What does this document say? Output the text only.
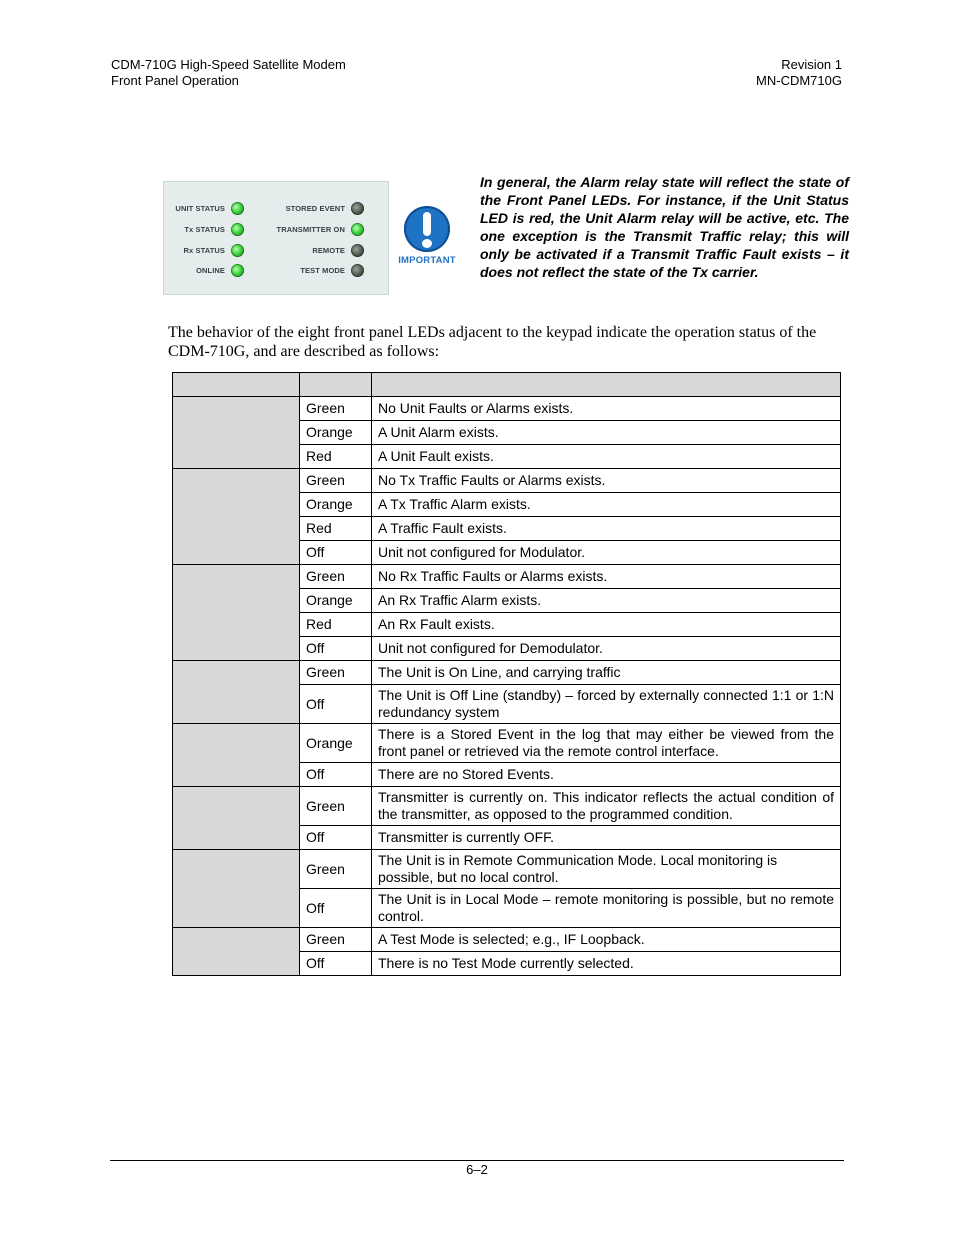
CDM-710G High-Speed Satellite Modem
Front Panel Operation
Revision 1
MN-CDM710G
UNIT STATUS
Tx STATUS
Rx STATUS
ONLINE
STORED EVENT
TRANSMITTER ON
REMOTE
TEST MODE
IMPORTANT
In general, the Alarm relay state will reflect the state of the Front Panel LEDs. For instance, if the Unit Status LED is red, the Unit Alarm relay will be active, etc. The one exception is the Transmit Traffic relay; this will only be activated if a Transmit Traffic Fault exists – it does not reflect the state of the Tx carrier.
The behavior of the eight front panel LEDs adjacent to the keypad indicate the operation status of the CDM-710G, and are described as follows:

	Green	No Unit Faults or Alarms exists.
	Orange	A Unit Alarm exists.
	Red	A Unit Fault exists.
	Green	No Tx Traffic Faults or Alarms exists.
	Orange	A Tx Traffic Alarm exists.
	Red	A Traffic Fault exists.
	Off	Unit not configured for Modulator.
	Green	No Rx Traffic Faults or Alarms exists.
	Orange	An Rx Traffic Alarm exists.
	Red	An Rx Fault exists.
	Off	Unit not configured for Demodulator.
	Green	The Unit is On Line, and carrying traffic
	Off	The Unit is Off Line (standby) – forced by externally connected 1:1 or 1:N redundancy system
	Orange	There is a Stored Event in the log that may either be viewed from the front panel or retrieved via the remote control interface.
	Off	There are no Stored Events.
	Green	Transmitter is currently on. This indicator reflects the actual condition of the transmitter, as opposed to the programmed condition.
	Off	Transmitter is currently OFF.
	Green	The Unit is in Remote Communication Mode. Local monitoring is possible, but no local control.
	Off	The Unit is in Local Mode – remote monitoring is possible, but no remote control.
	Green	A Test Mode is selected; e.g., IF Loopback.
	Off	There is no Test Mode currently selected.
6–2
